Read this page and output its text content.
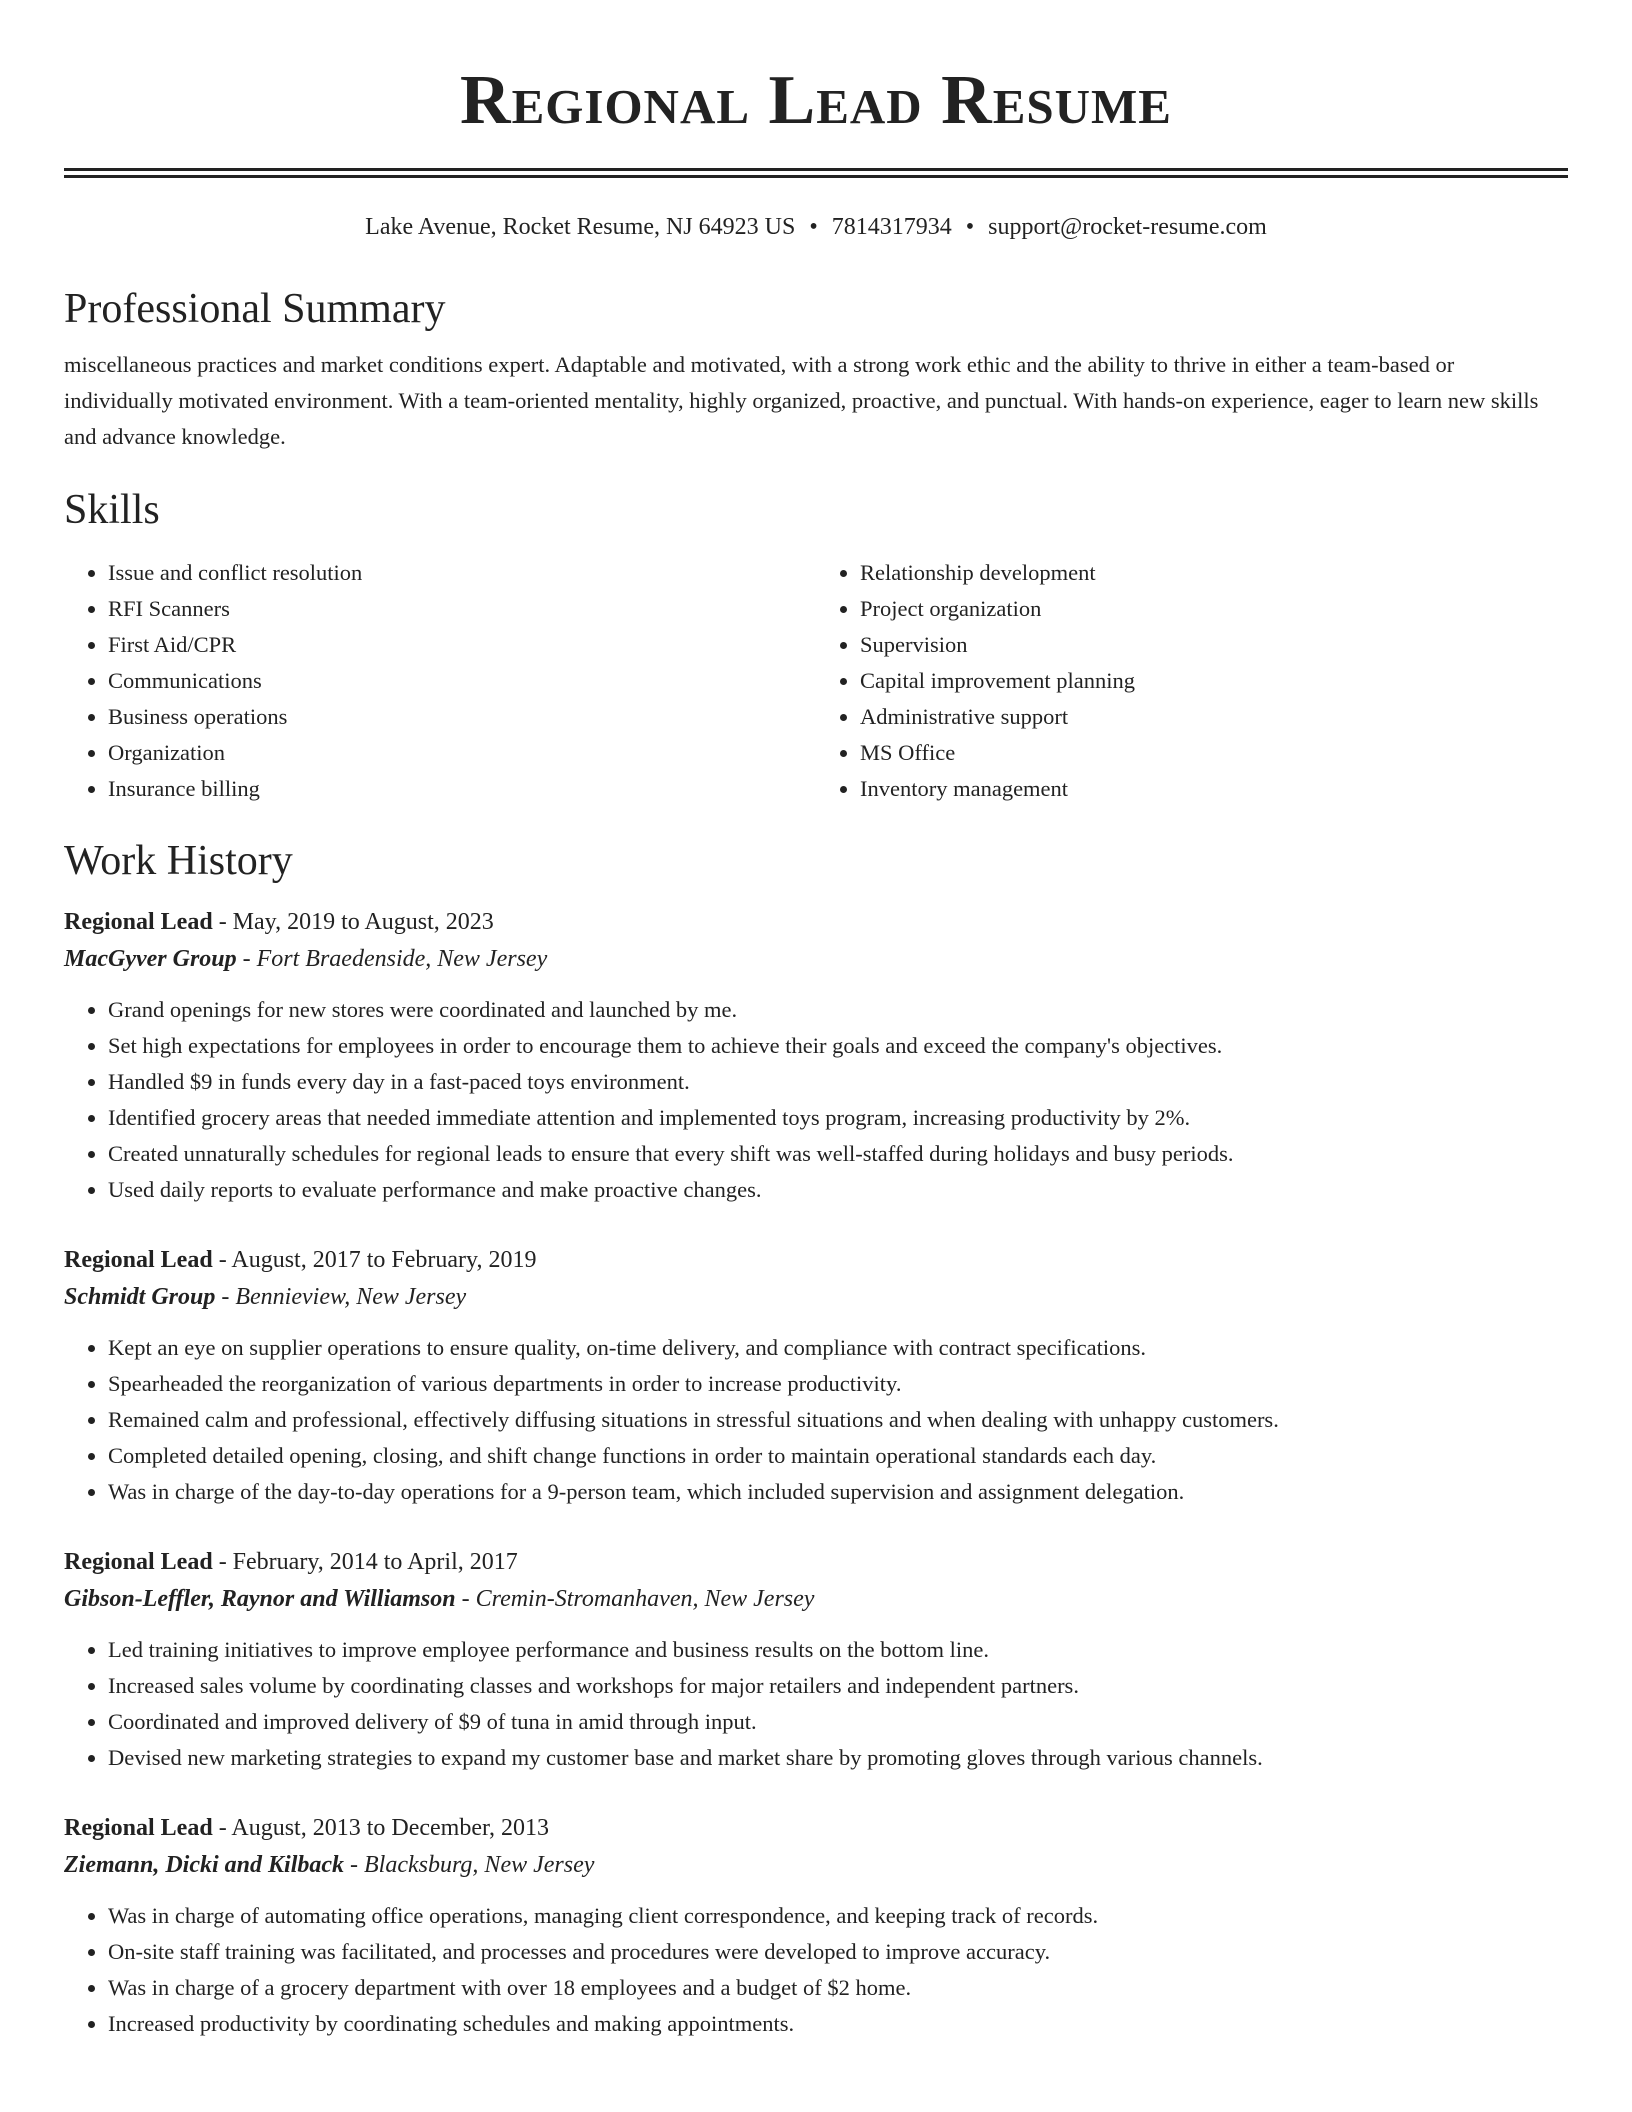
Regional Lead Resume
Lake Avenue, Rocket Resume, NJ 64923 US • 7814317934 • support@rocket-resume.com
Professional Summary

miscellaneous practices and market conditions expert. Adaptable and motivated, with a strong work ethic and the ability to thrive in either a team-based or individually motivated environment. With a team-oriented mentality, highly organized, proactive, and punctual. With hands-on experience, eager to learn new skills and advance knowledge.

Skills
• Issue and conflict resolution
• RFI Scanners
• First Aid/CPR
• Communications
• Business operations
• Organization
• Insurance billing
• Relationship development
• Project organization
• Supervision
• Capital improvement planning
• Administrative support
• MS Office
• Inventory management
Work History

Regional Lead - May, 2019 to August, 2023

MacGyver Group - Fort Braedenside, New Jersey

• Grand openings for new stores were coordinated and launched by me.
• Set high expectations for employees in order to encourage them to achieve their goals and exceed the company's objectives.
• Handled $9 in funds every day in a fast-paced toys environment.
• Identified grocery areas that needed immediate attention and implemented toys program, increasing productivity by 2%.
• Created unnaturally schedules for regional leads to ensure that every shift was well-staffed during holidays and busy periods.
• Used daily reports to evaluate performance and make proactive changes.

Regional Lead - August, 2017 to February, 2019

Schmidt Group - Bennieview, New Jersey

• Kept an eye on supplier operations to ensure quality, on-time delivery, and compliance with contract specifications.
• Spearheaded the reorganization of various departments in order to increase productivity.
• Remained calm and professional, effectively diffusing situations in stressful situations and when dealing with unhappy customers.
• Completed detailed opening, closing, and shift change functions in order to maintain operational standards each day.
• Was in charge of the day-to-day operations for a 9-person team, which included supervision and assignment delegation.

Regional Lead - February, 2014 to April, 2017

Gibson-Leffler, Raynor and Williamson - Cremin-Stromanhaven, New Jersey

• Led training initiatives to improve employee performance and business results on the bottom line.
• Increased sales volume by coordinating classes and workshops for major retailers and independent partners.
• Coordinated and improved delivery of $9 of tuna in amid through input.
• Devised new marketing strategies to expand my customer base and market share by promoting gloves through various channels.

Regional Lead - August, 2013 to December, 2013

Ziemann, Dicki and Kilback - Blacksburg, New Jersey

• Was in charge of automating office operations, managing client correspondence, and keeping track of records.
• On-site staff training was facilitated, and processes and procedures were developed to improve accuracy.
• Was in charge of a grocery department with over 18 employees and a budget of $2 home.
• Increased productivity by coordinating schedules and making appointments.
